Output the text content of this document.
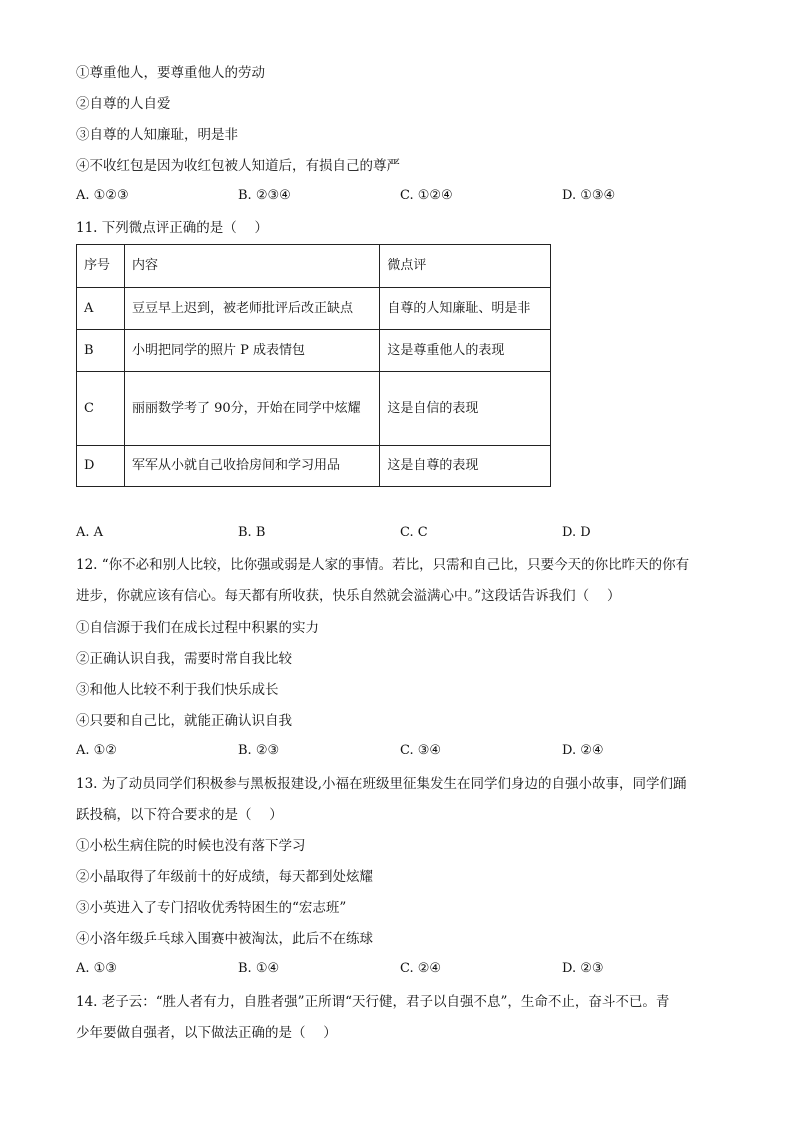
①尊重他人，要尊重他人的劳动
②自尊的人自爱
③自尊的人知廉耻，明是非
④不收红包是因为收红包被人知道后，有损自己的尊严
A. ①②③	B. ②③④	C. ①②④	D. ①③④
11. 下列微点评正确的是（　 ）
序号	内容	微点评
A	豆豆早上迟到，被老师批评后改正缺点	自尊的人知廉耻、明是非
B	小明把同学的照片 P 成表情包	这是尊重他人的表现
C	丽丽数学考了 90分，开始在同学中炫耀	这是自信的表现
D	军军从小就自己收拾房间和学习用品	这是自尊的表现
A. A	B. B	C. C	D. D
12. “你不必和别人比较，比你强或弱是人家的事情。若比，只需和自己比，只要今天的你比昨天的你有
进步，你就应该有信心。每天都有所收获，快乐自然就会溢满心中。”这段话告诉我们（　 ）
①自信源于我们在成长过程中积累的实力
②正确认识自我，需要时常自我比较
③和他人比较不利于我们快乐成长
④只要和自己比，就能正确认识自我
A. ①②	B. ②③	C. ③④	D. ②④
13. 为了动员同学们积极参与黑板报建设,小福在班级里征集发生在同学们身边的自强小故事，同学们踊
跃投稿，以下符合要求的是（　 ）
①小松生病住院的时候也没有落下学习
②小晶取得了年级前十的好成绩，每天都到处炫耀
③小英进入了专门招收优秀特困生的“宏志班”
④小洛年级乒乓球入围赛中被淘汰，此后不在练球
A. ①③	B. ①④	C. ②④	D. ②③
14. 老子云：“胜人者有力，自胜者强”正所谓“天行健，君子以自强不息”，生命不止，奋斗不已。青
少年要做自强者，以下做法正确的是（　 ）
